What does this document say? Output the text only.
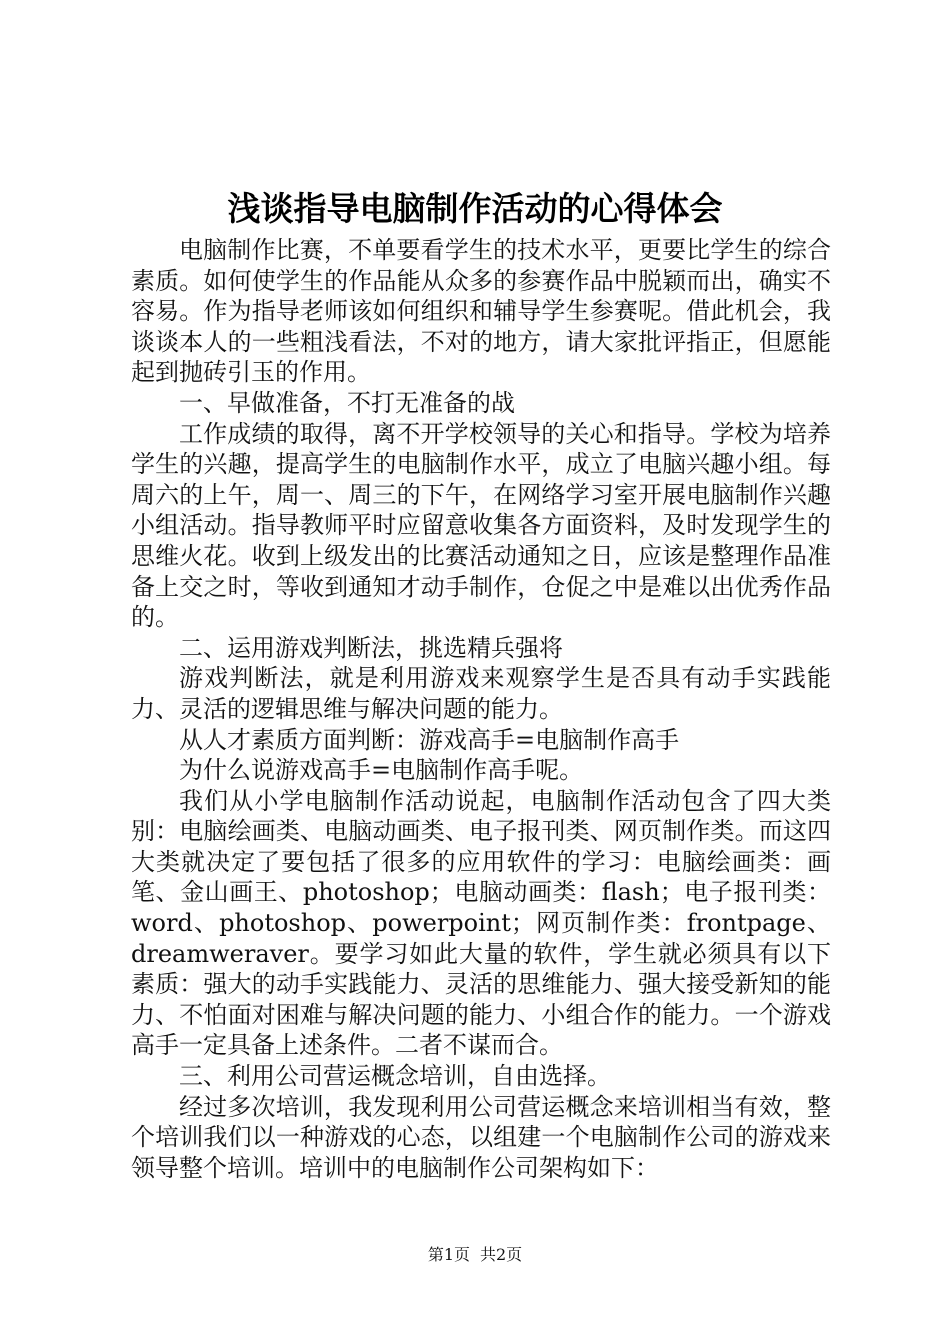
浅谈指导电脑制作活动的心得体会

电脑制作比赛，不单要看学生的技术水平，更要比学生的综合素质。如何使学生的作品能从众多的参赛作品中脱颖而出，确实不容易。作为指导老师该如何组织和辅导学生参赛呢。借此机会，我谈谈本人的一些粗浅看法，不对的地方，请大家批评指正，但愿能起到抛砖引玉的作用。

一、早做准备，不打无准备的战

工作成绩的取得，离不开学校领导的关心和指导。学校为培养学生的兴趣，提高学生的电脑制作水平，成立了电脑兴趣小组。每周六的上午，周一、周三的下午，在网络学习室开展电脑制作兴趣小组活动。指导教师平时应留意收集各方面资料，及时发现学生的思维火花。收到上级发出的比赛活动通知之日，应该是整理作品准备上交之时，等收到通知才动手制作，仓促之中是难以出优秀作品的。

二、运用游戏判断法，挑选精兵强将

游戏判断法，就是利用游戏来观察学生是否具有动手实践能力、灵活的逻辑思维与解决问题的能力。

从人才素质方面判断：游戏高手=电脑制作高手

为什么说游戏高手=电脑制作高手呢。

我们从小学电脑制作活动说起，电脑制作活动包含了四大类别：电脑绘画类、电脑动画类、电子报刊类、网页制作类。而这四大类就决定了要包括了很多的应用软件的学习：电脑绘画类：画笔、金山画王、photoshop；电脑动画类：flash；电子报刊类：word、photoshop、powerpoint；网页制作类：frontpage、dreamweraver。要学习如此大量的软件，学生就必须具有以下素质：强大的动手实践能力、灵活的思维能力、强大接受新知的能力、不怕面对困难与解决问题的能力、小组合作的能力。一个游戏高手一定具备上述条件。二者不谋而合。

三、利用公司营运概念培训，自由选择。

经过多次培训，我发现利用公司营运概念来培训相当有效，整个培训我们以一种游戏的心态，以组建一个电脑制作公司的游戏来领导整个培训。培训中的电脑制作公司架构如下：

第1页 共2页
